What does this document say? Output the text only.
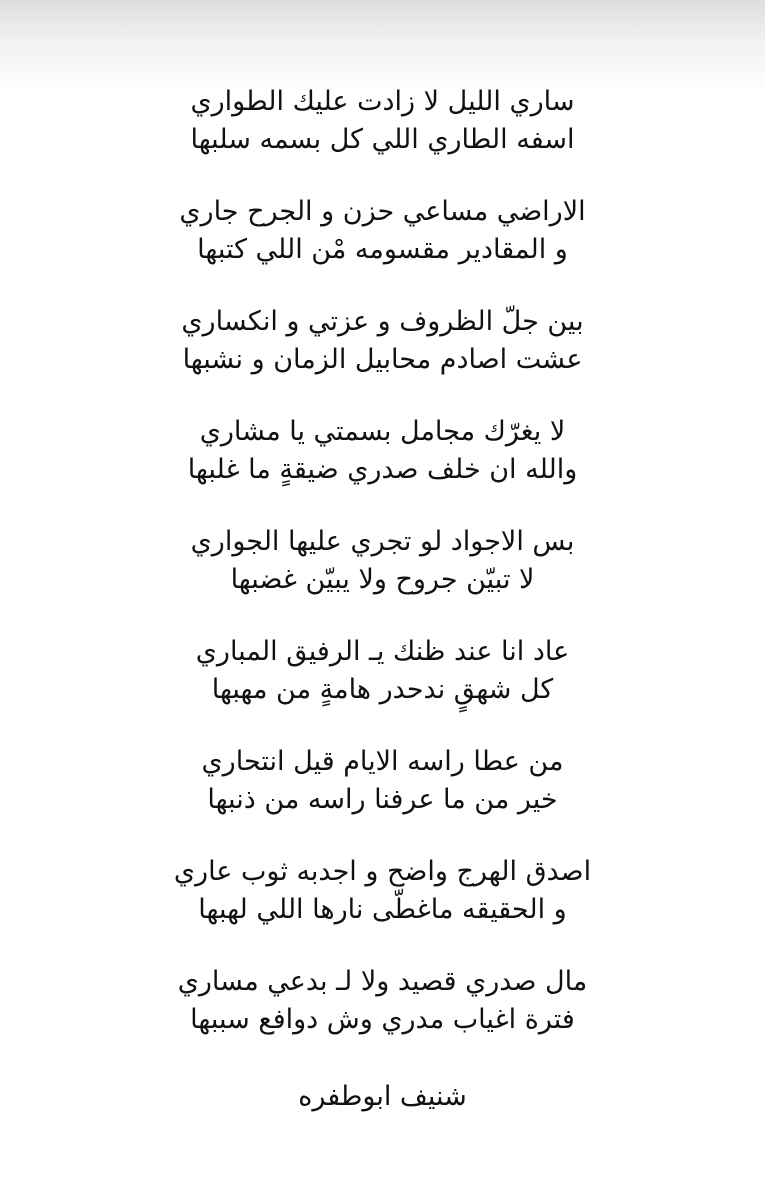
ساري الليل لا زادت عليك الطواري
اسفه الطاري اللي كل بسمه سلبها
الاراضي مساعي حزن و الجرح جاري
و المقادير مقسومه مْن اللي كتبها
بين جلّ الظروف و عزتي و انكساري
عشت اصادم محابيل الزمان و نشبها
لا يغرّك مجامل بسمتي يا مشاري
والله ان خلف صدري ضيقةٍ ما غلبها
بس الاجواد لو تجري عليها الجواري
لا تبيّن جروح ولا يبيّن غضبها
عاد انا عند ظنك يـ الرفيق المباري
كل شهقٍ ندحدر هامةٍ من مهبها
من عطا راسه الايام قيل انتحاري
خير من ما عرفنا راسه من ذنبها
اصدق الهرج واضح و اجدبه ثوب عاري
و الحقيقه ماغطّى نارها اللي لهبها
مال صدري قصيد ولا لـ بدعي مساري
فترة اغياب مدري وش دوافع سببها
شنيف ابوطفره
